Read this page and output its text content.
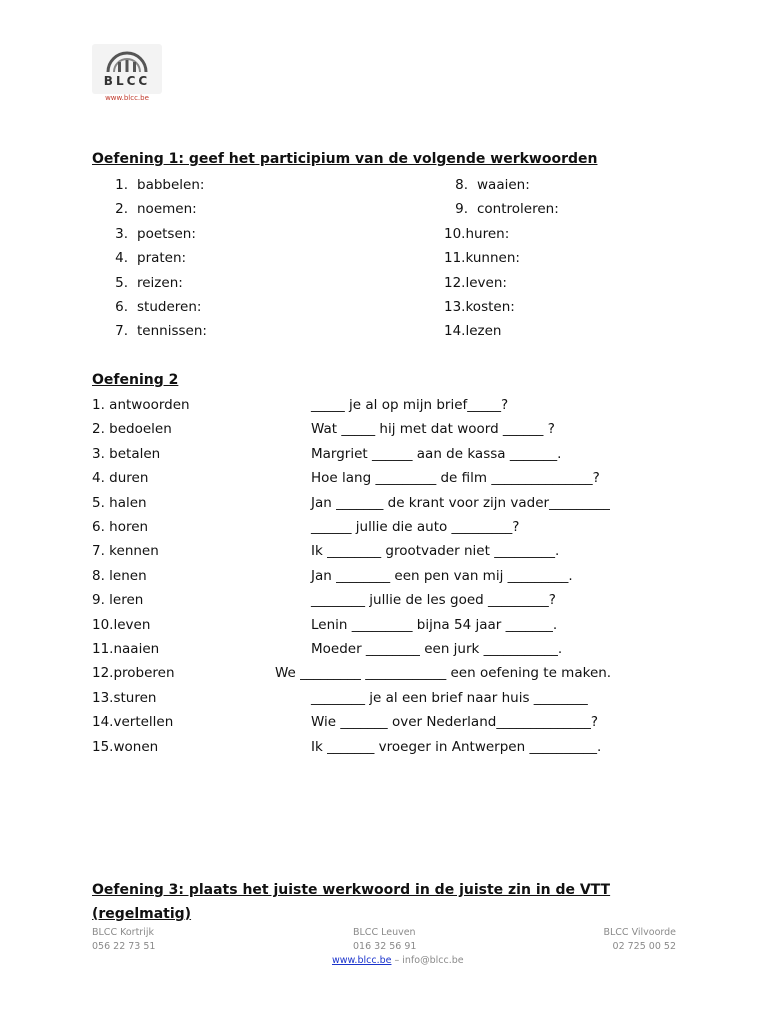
BLCC
www.blcc.be
Oefening 1: geef het participium van de volgende werkwoorden
1. babbelen:
2. noemen:
3. poetsen:
4. praten:
5. reizen:
6. studeren:
7. tennissen:
8. waaien:
9. controleren:
10.huren:
11.kunnen:
12.leven:
13.kosten:
14.lezen
Oefening 2
1. antwoorden	_____ je al op mijn brief_____?
2. bedoelen	Wat _____ hij met dat woord ______ ?
3. betalen	Margriet ______ aan de kassa _______.
4. duren	Hoe lang _________ de film _______________?
5. halen	Jan _______ de krant voor zijn vader_________
6. horen	______ jullie die auto _________?
7. kennen	Ik ________ grootvader niet _________.
8. lenen	Jan ________ een pen van mij _________.
9. leren	________ jullie de les goed _________?
10.leven	Lenin _________ bijna 54 jaar _______.
11.naaien	Moeder ________ een jurk ___________.
12.proberen	We _________ ____________ een oefening te maken.
13.sturen	________ je al een brief naar huis ________
14.vertellen	Wie _______ over Nederland______________?
15.wonen	Ik _______ vroeger in Antwerpen __________.
Oefening 3: plaats het juiste werkwoord in de juiste zin in de VTT
(regelmatig)
BLCC Kortrijk
056 22 73 51
BLCC Leuven
016 32 56 91
BLCC Vilvoorde
02 725 00 52
www.blcc.be – info@blcc.be
